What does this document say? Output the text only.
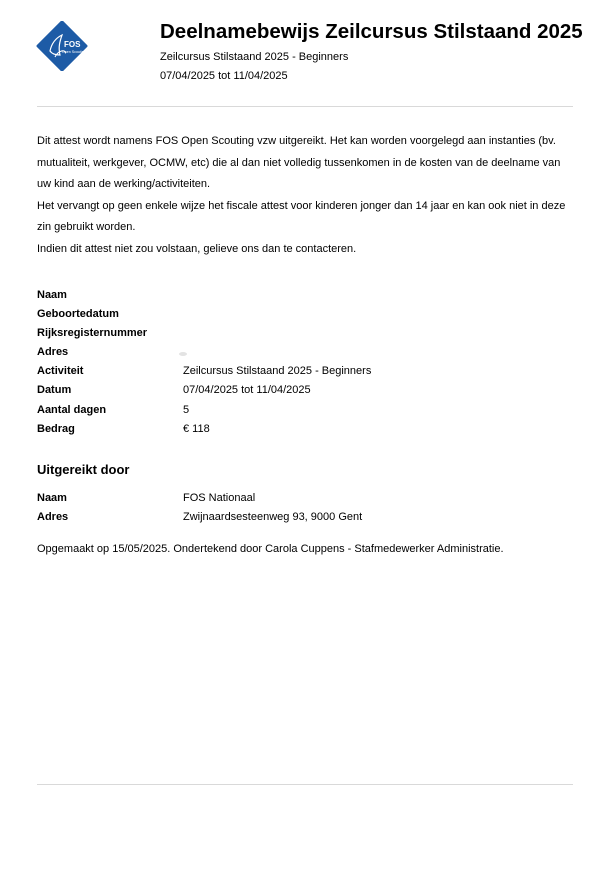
FOS
Open Scouting
Deelnamebewijs Zeilcursus Stilstaand 2025
Zeilcursus Stilstaand 2025 - Beginners
07/04/2025 tot 11/04/2025

Dit attest wordt namens FOS Open Scouting vzw uitgereikt. Het kan worden voorgelegd aan instanties (bv. mutualiteit, werkgever, OCMW, etc) die al dan niet volledig tussenkomen in de kosten van de deelname van uw kind aan de werking/activiteiten.

Het vervangt op geen enkele wijze het fiscale attest voor kinderen jonger dan 14 jaar en kan ook niet in deze zin gebruikt worden.

Indien dit attest niet zou volstaan, gelieve ons dan te contacteren.

Naam
Geboortedatum
Rijksregisternummer
Adres
Activiteit	Zeilcursus Stilstaand 2025 - Beginners
Datum	07/04/2025 tot 11/04/2025
Aantal dagen	5
Bedrag	€ 118
Uitgereikt door
Naam	FOS Nationaal
Adres	Zwijnaardsesteenweg 93, 9000 Gent
Opgemaakt op 15/05/2025. Ondertekend door Carola Cuppens - Stafmedewerker Administratie.
